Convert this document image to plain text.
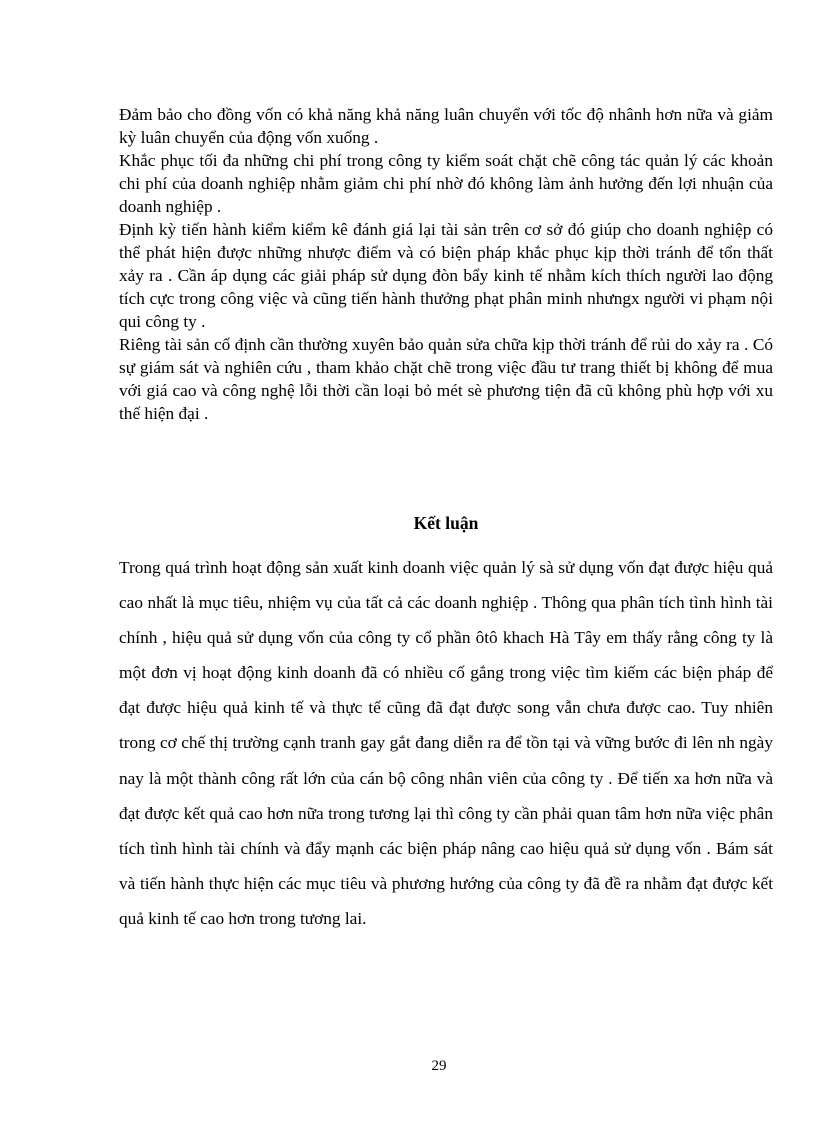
Đảm bảo cho đồng vốn có khả năng khả năng luân chuyển với tốc độ nhânh hơn nữa và giảm kỳ luân chuyển của động vốn xuống .

Khắc phục tối đa những chi phí trong công ty kiểm soát chặt chẽ công tác quản lý các khoản chi phí của doanh nghiệp nhằm giảm chi phí nhờ đó không làm ảnh hưởng đến lợi nhuận của doanh nghiệp .

Định kỳ tiến hành kiểm kiểm kê đánh giá lại tài sản trên cơ sở đó giúp cho doanh nghiệp có thể phát hiện được những nhược điểm và có biện pháp khắc phục kịp thời tránh để tổn thất xảy ra . Cần áp dụng các giải pháp sử dụng đòn bẩy kinh tế nhằm kích thích người lao động tích cực trong công việc và cũng tiến hành thưởng phạt phân minh nhưngx người vi phạm nội qui công ty .

Riêng tài sản cố định cần thường xuyên bảo quản sửa chữa kịp thời tránh để rủi do xảy ra . Có sự giám sát và nghiên cứu , tham khảo chặt chẽ trong việc đầu tư trang thiết bị không để mua với giá cao và công nghệ lỗi thời cần loại bỏ mét sè phương tiện đã cũ không phù hợp với xu thế hiện đại .

Kết luận

Trong quá trình hoạt động sản xuất kinh doanh việc quản lý sà sử dụng vốn đạt được hiệu quả cao nhất là mục tiêu, nhiệm vụ của tất cả các doanh nghiệp . Thông qua phân tích tình hình tài chính , hiệu quả sử dụng vốn của công ty cổ phần ôtô khach Hà Tây em thấy rằng công ty là một đơn vị hoạt động kinh doanh đã có nhiều cố gắng trong việc tìm kiếm các biện pháp để đạt được hiệu quả kinh tế và thực tế cũng đã đạt được song vẫn chưa được cao. Tuy nhiên trong cơ chế thị trường cạnh tranh gay gắt đang diễn ra để tồn tại và vững bước đi lên nh ngày nay là một thành công rất lớn của cán bộ công nhân viên của công ty . Để tiến xa hơn nữa và đạt được kết quả cao hơn nữa trong tương lại thì công ty cần phải quan tâm hơn nữa việc phân tích tình hình tài chính và đẩy mạnh các biện pháp nâng cao hiệu quả sử dụng vốn . Bám sát và tiến hành thực hiện các mục tiêu và phương hướng của công ty đã đề ra nhằm đạt được kết quả kinh tế cao hơn trong tương lai.

29
